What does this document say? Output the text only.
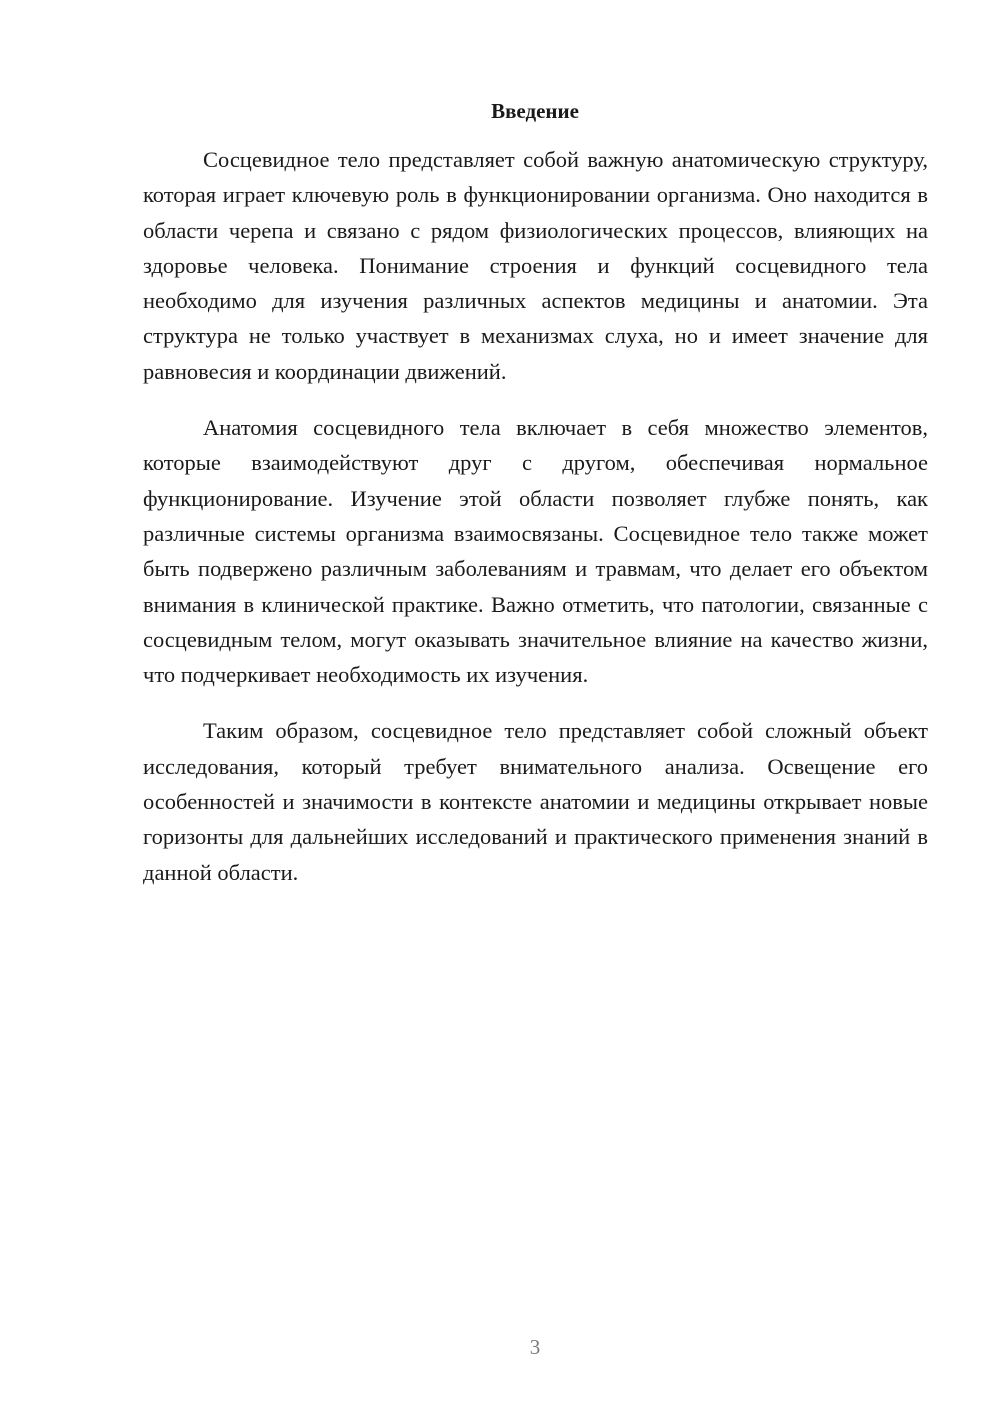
Введение

Сосцевидное тело представляет собой важную анатомическую структуру, которая играет ключевую роль в функционировании организма. Оно находится в области черепа и связано с рядом физиологических процессов, влияющих на здоровье человека. Понимание строения и функций сосцевидного тела необходимо для изучения различных аспектов медицины и анатомии. Эта структура не только участвует в механизмах слуха, но и имеет значение для равновесия и координации движений.

Анатомия сосцевидного тела включает в себя множество элементов, которые взаимодействуют друг с другом, обеспечивая нормальное функционирование. Изучение этой области позволяет глубже понять, как различные системы организма взаимосвязаны. Сосцевидное тело также может быть подвержено различным заболеваниям и травмам, что делает его объектом внимания в клинической практике. Важно отметить, что патологии, связанные с сосцевидным телом, могут оказывать значительное влияние на качество жизни, что подчеркивает необходимость их изучения.

Таким образом, сосцевидное тело представляет собой сложный объект исследования, который требует внимательного анализа. Освещение его особенностей и значимости в контексте анатомии и медицины открывает новые горизонты для дальнейших исследований и практического применения знаний в данной области.

3
